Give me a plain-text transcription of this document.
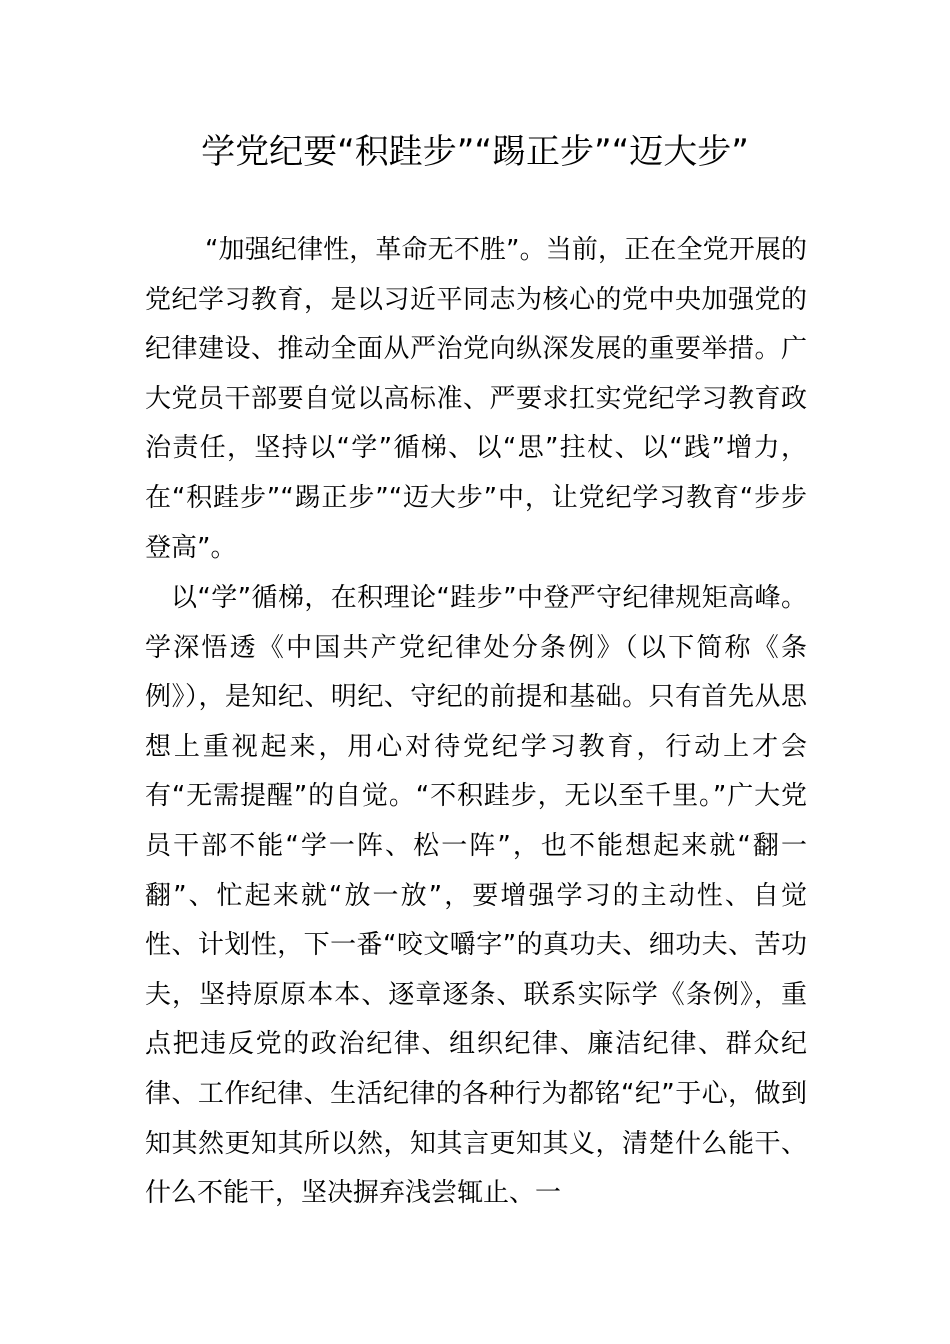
学党纪要“积跬步”“踢正步”“迈大步”

“加强纪律性，革命无不胜”。当前，正在全党开展的党纪学习教育，是以习近平同志为核心的党中央加强党的纪律建设、推动全面从严治党向纵深发展的重要举措。广大党员干部要自觉以高标准、严要求扛实党纪学习教育政治责任，坚持以“学”循梯、以“思”拄杖、以“践”增力，在“积跬步”“踢正步”“迈大步”中，让党纪学习教育“步步登高”。

以“学”循梯，在积理论“跬步”中登严守纪律规矩高峰。学深悟透《中国共产党纪律处分条例》（以下简称《条例》），是知纪、明纪、守纪的前提和基础。只有首先从思想上重视起来，用心对待党纪学习教育，行动上才会有“无需提醒”的自觉。“不积跬步，无以至千里。”广大党员干部不能“学一阵、松一阵”，也不能想起来就“翻一翻”、忙起来就“放一放”，要增强学习的主动性、自觉性、计划性，下一番“咬文嚼字”的真功夫、细功夫、苦功夫，坚持原原本本、逐章逐条、联系实际学《条例》，重点把违反党的政治纪律、组织纪律、廉洁纪律、群众纪律、工作纪律、生活纪律的各种行为都铭“纪”于心，做到知其然更知其所以然，知其言更知其义，清楚什么能干、什么不能干，坚决摒弃浅尝辄止、一
